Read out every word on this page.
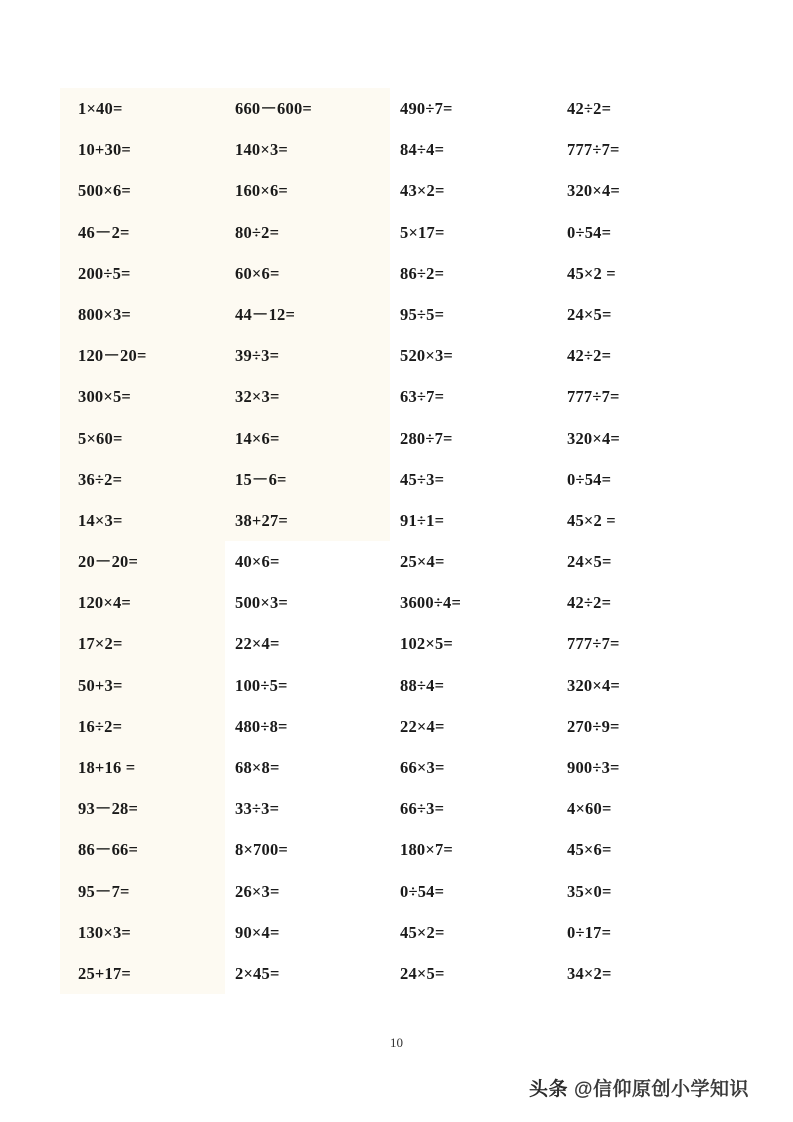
1×40=
10+30=
500×6=
46－2=
200÷5=
800×3=
120－20=
300×5=
5×60=
36÷2=
14×3=
20－20=
120×4=
17×2=
50+3=
16÷2=
18+16 =
93－28=
86－66=
95－7=
130×3=
25+17=
660－600=
140×3=
160×6=
80÷2=
60×6=
44－12=
39÷3=
32×3=
14×6=
15－6=
38+27=
40×6=
500×3=
22×4=
100÷5=
480÷8=
68×8=
33÷3=
8×700=
26×3=
90×4=
2×45=
490÷7=
84÷4=
43×2=
5×17=
86÷2=
95÷5=
520×3=
63÷7=
280÷7=
45÷3=
91÷1=
25×4=
3600÷4=
102×5=
88÷4=
22×4=
66×3=
66÷3=
180×7=
0÷54=
45×2=
24×5=
42÷2=
777÷7=
320×4=
0÷54=
45×2 =
24×5=
42÷2=
777÷7=
320×4=
0÷54=
45×2 =
24×5=
42÷2=
777÷7=
320×4=
270÷9=
900÷3=
4×60=
45×6=
35×0=
0÷17=
34×2=
10
头条 @信仰原创小学知识
